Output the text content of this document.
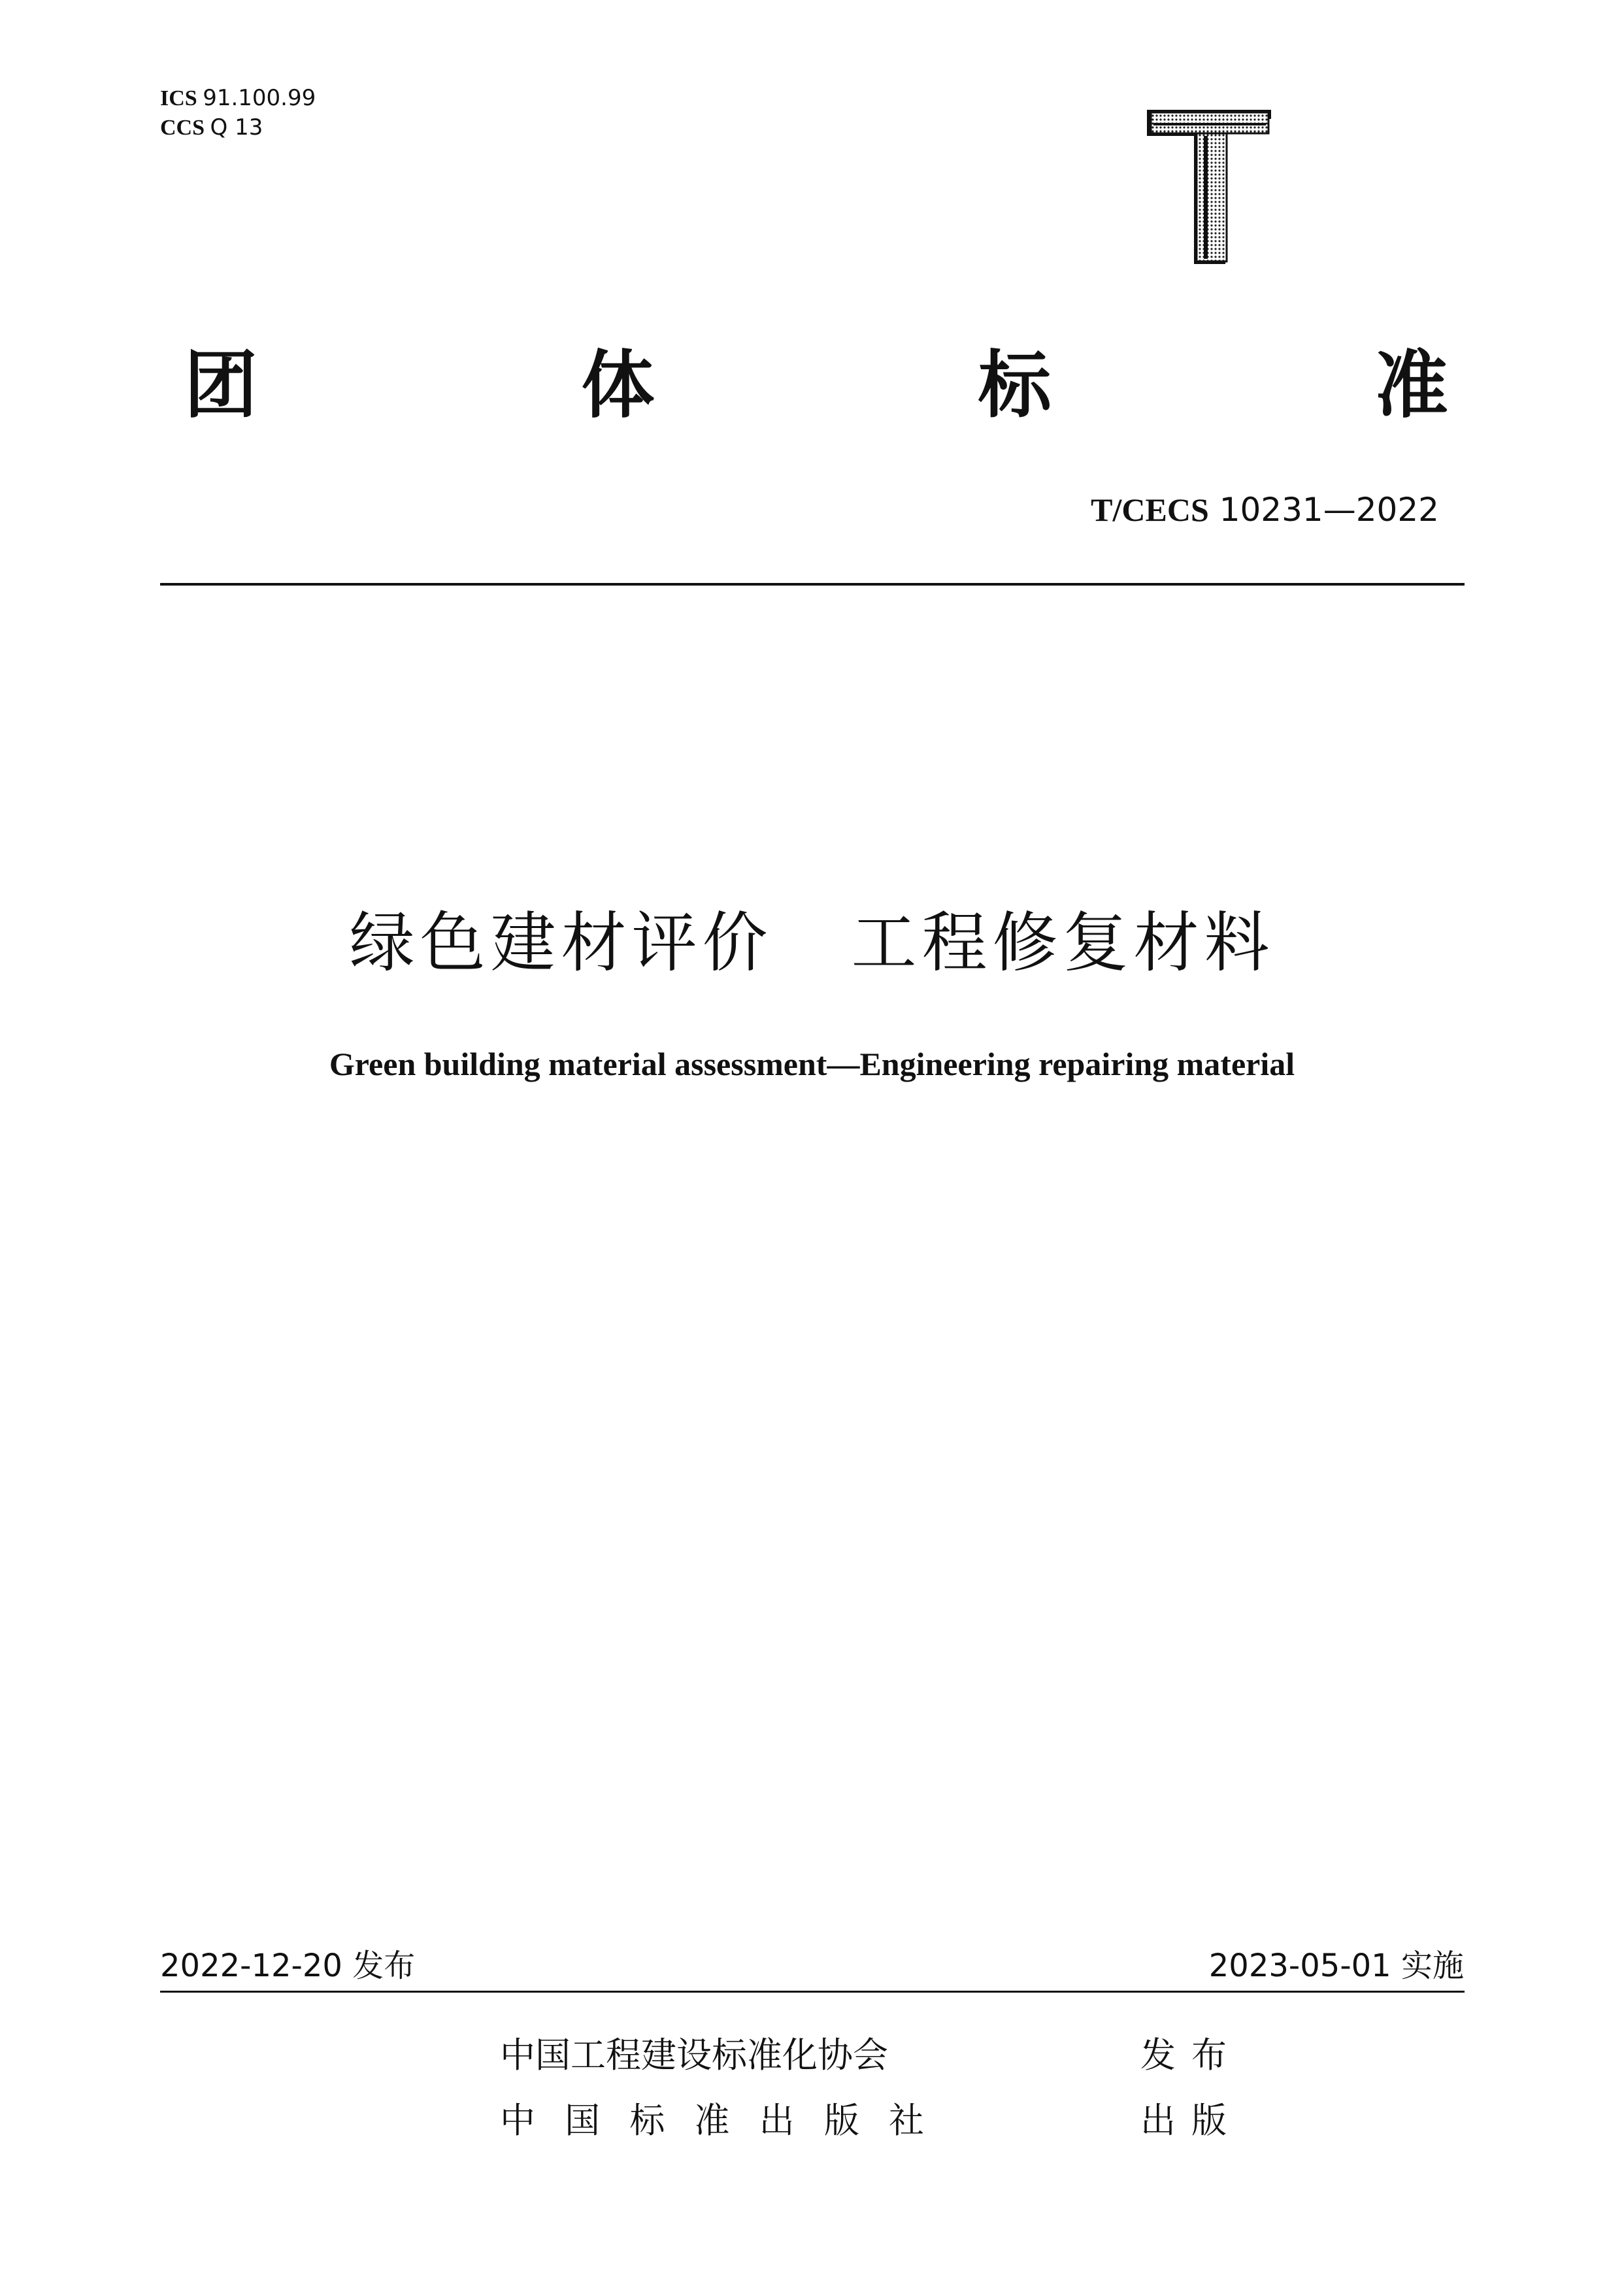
ICS 91.100.99
CCS Q 13
团	体	标	准
T/CECS 10231—2022
绿色建材评价 工程修复材料
Green building material assessment—Engineering repairing material
2022-12-20 发布	2023-05-01 实施
中国工程建设标准化协会	发布
中 国 标 准 出 版 社	出版
